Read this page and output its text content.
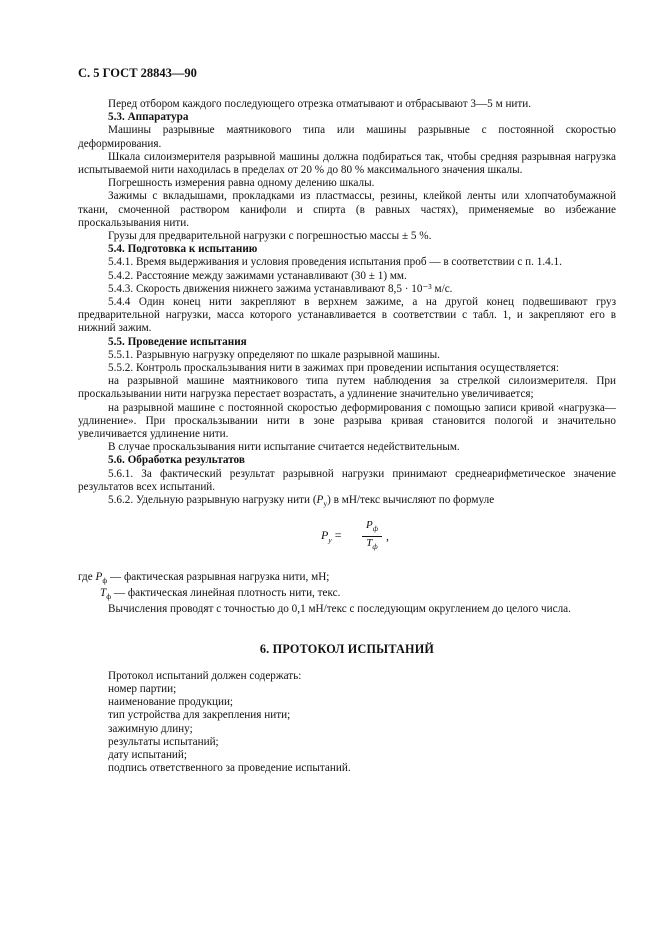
С. 5 ГОСТ 28843—90

Перед отбором каждого последующего отрезка отматывают и отбрасывают 3—5 м нити.

5.3. Аппаратура

Машины разрывные маятникового типа или машины разрывные с постоянной скоростью деформирования.

Шкала силоизмерителя разрывной машины должна подбираться так, чтобы средняя разрывная нагрузка испытываемой нити находилась в пределах от 20 % до 80 % максимального значения шкалы.

Погрешность измерения равна одному делению шкалы.

Зажимы с вкладышами, прокладками из пластмассы, резины, клейкой ленты или хлопчатобумажной ткани, смоченной раствором канифоли и спирта (в равных частях), применяемые во избежание проскальзывания нити.

Грузы для предварительной нагрузки с погрешностью массы ± 5 %.

5.4. Подготовка к испытанию

5.4.1. Время выдерживания и условия проведения испытания проб — в соответствии с п. 1.4.1.

5.4.2. Расстояние между зажимами устанавливают (30 ± 1) мм.

5.4.3. Скорость движения нижнего зажима устанавливают 8,5 · 10⁻³ м/с.

5.4.4 Один конец нити закрепляют в верхнем зажиме, а на другой конец подвешивают груз предварительной нагрузки, масса которого устанавливается в соответствии с табл. 1, и закрепляют его в нижний зажим.

5.5. Проведение испытания

5.5.1. Разрывную нагрузку определяют по шкале разрывной машины.

5.5.2. Контроль проскальзывания нити в зажимах при проведении испытания осуществляется:

на разрывной машине маятникового типа путем наблюдения за стрелкой силоизмерителя. При проскальзывании нити нагрузка перестает возрастать, а удлинение значительно увеличивается;

на разрывной машине с постоянной скоростью деформирования с помощью записи кривой «нагрузка—удлинение». При проскальзывании нити в зоне разрыва кривая становится пологой и значительно увеличивается удлинение нити.

В случае проскальзывания нити испытание считается недействительным.

5.6. Обработка результатов

5.6.1. За фактический результат разрывной нагрузки принимают среднеарифметическое значение результатов всех испытаний.

5.6.2. Удельную разрывную нагрузку нити $(P_у)$ в мН/текс вычисляют по формуле

$P_у$ =
$P_ф$
$T_ф$
,

где $P_ф$ — фактическая разрывная нагрузка нити, мН;

$T_ф$ — фактическая линейная плотность нити, текс.

Вычисления проводят с точностью до 0,1 мН/текс с последующим округлением до целого числа.

6. ПРОТОКОЛ ИСПЫТАНИЙ

Протокол испытаний должен содержать:

номер партии;

наименование продукции;

тип устройства для закрепления нити;

зажимную длину;

результаты испытаний;

дату испытаний;

подпись ответственного за проведение испытаний.
